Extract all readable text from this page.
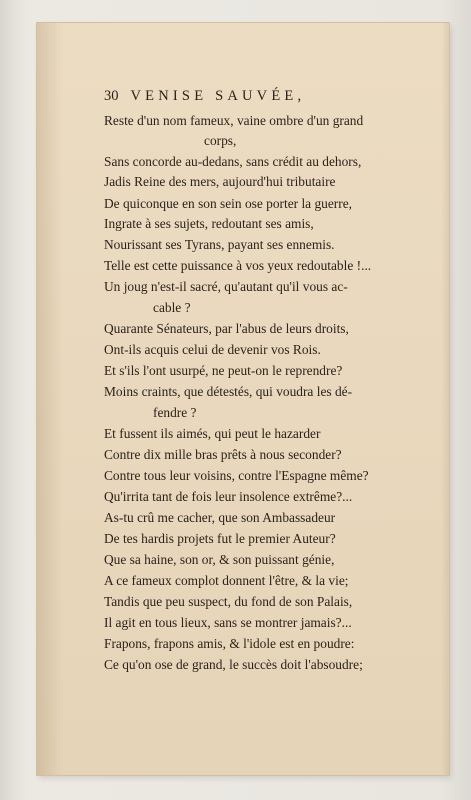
30 VENISE SAUVÉE,
Reste d'un nom fameux, vaine ombre d'un grand
corps,
Sans concorde au-dedans, sans crédit au dehors,
Jadis Reine des mers, aujourd'hui tributaire
De quiconque en son sein ose porter la guerre,
Ingrate à ses sujets, redoutant ses amis,
Nourissant ses Tyrans, payant ses ennemis.
Telle est cette puissance à vos yeux redoutable !...
Un joug n'est-il sacré, qu'autant qu'il vous ac-
cable ?
Quarante Sénateurs, par l'abus de leurs droits,
Ont-ils acquis celui de devenir vos Rois.
Et s'ils l'ont usurpé, ne peut-on le reprendre?
Moins craints, que détestés, qui voudra les dé-
fendre ?
Et fussent ils aimés, qui peut le hazarder
Contre dix mille bras prêts à nous seconder?
Contre tous leur voisins, contre l'Espagne même?
Qu'irrita tant de fois leur insolence extrême?...
As-tu crû me cacher, que son Ambassadeur
De tes hardis projets fut le premier Auteur?
Que sa haine, son or, & son puissant génie,
A ce fameux complot donnent l'être, & la vie;
Tandis que peu suspect, du fond de son Palais,
Il agit en tous lieux, sans se montrer jamais?...
Frapons, frapons amis, & l'idole est en poudre:
Ce qu'on ose de grand, le succès doit l'absoudre;
